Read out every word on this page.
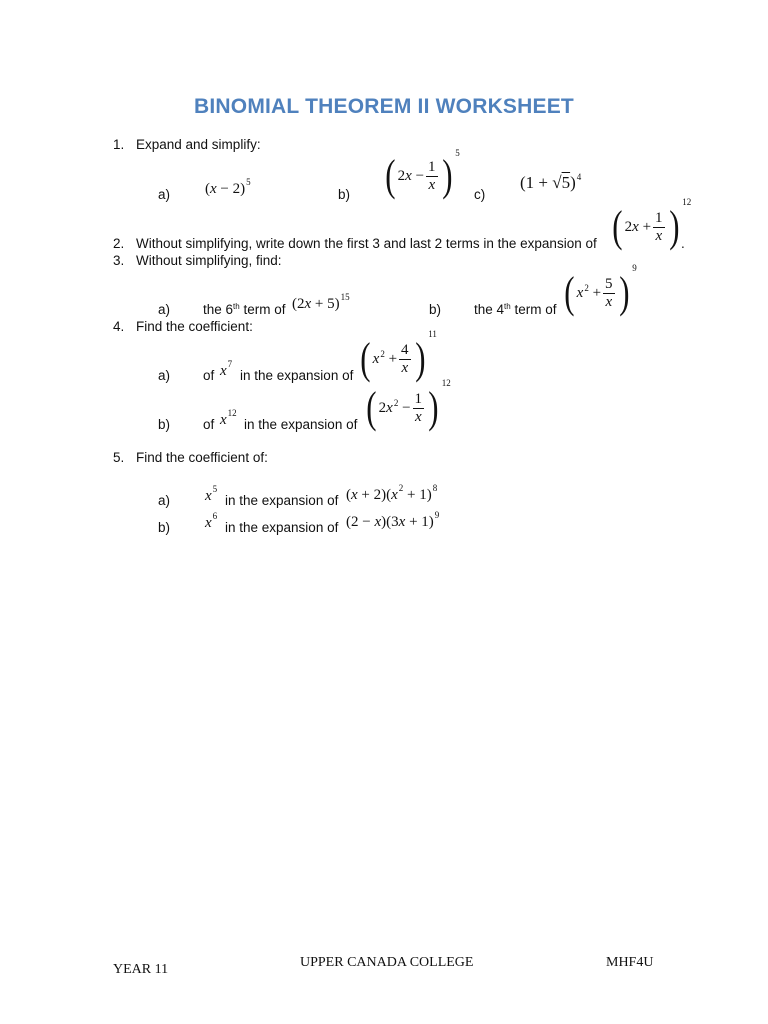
BINOMIAL THEOREM II WORKSHEET
1. Expand and simplify:
a) $(x - 2)^5$
b) ( $2x - \frac{1}{x}$ ) $^5$
c)
$(1 + √5)^4$
2. Without simplifying, write down the first 3 and last 2 terms in the expansion of ( $2x + \frac{1}{x}$ ) $^{12}$
.
3. Without simplifying, find:
a) the 6th term of $(2x + 5)^{15}$
b) the 4th term of ( $x^2 + \frac{5}{x}$ ) $^9$
4. Find the coefficient:
a) of $x^7$
in the expansion of ( $x^2 + \frac{4}{x}$ ) $^{11}$
b) of $x^{12}$
in the expansion of ( $2x^2 - \frac{1}{x}$ ) $^{12}$
5. Find the coefficient of:
a) $x^5$
in the expansion of $(x + 2)(x^2 + 1)^8$
b) $x^6$
in the expansion of $(2 - x)(3x + 1)^9$
YEAR 11	UPPER CANADA COLLEGE	MHF4U
